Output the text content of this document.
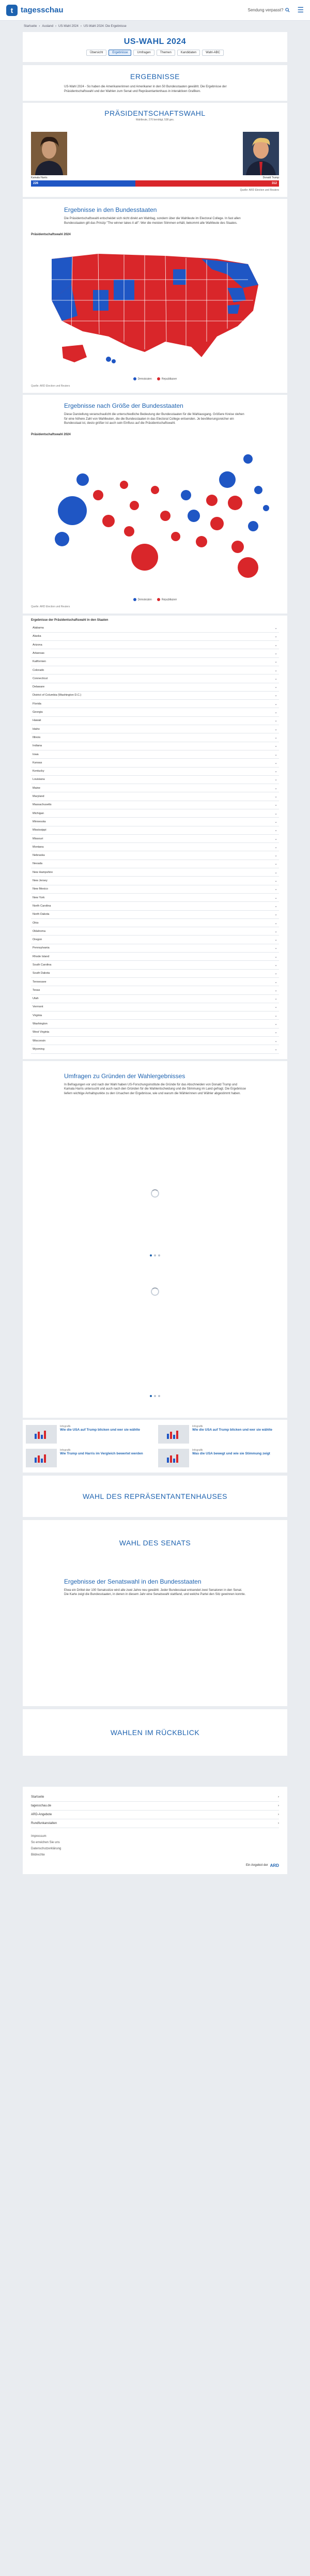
t tagesschau	Sendung verpasst? ☰
Startseite › Ausland › US-Wahl 2024 › US-Wahl 2024: Die Ergebnisse
US-WAHL 2024
Übersicht	Ergebnisse	Umfragen	Themen	Kandidaten	Wahl-ABC
ERGEBNISSE
US-Wahl 2024 - So haben die Amerikanerinnen und Amerikaner in den 50 Bundesstaaten gewählt. Die Ergebnisse der Präsidentschaftswahl und der Wahlen zum Senat und Repräsentantenhaus in interaktiven Grafiken.
PRÄSIDENTSCHAFTSWAHL
Wahlleute, 270 benötigt, 538 ges.
Kamala Harris	Donald Trump
226	312
Quelle: ARD Election und Reuters
Ergebnisse in den Bundesstaaten
Die Präsidentschaftswahl entscheidet sich nicht direkt am Wahltag, sondern über die Wahlleute im Electoral College. In fast allen Bundesstaaten gilt das Prinzip "The winner takes it all": Wer die meisten Stimmen erhält, bekommt alle Wahlleute des Staates.
Präsidentschaftswahl 2024
Demokraten	Republikaner
Quelle: ARD Election und Reuters
Ergebnisse nach Größe der Bundesstaaten
Diese Darstellung veranschaulicht die unterschiedliche Bedeutung der Bundesstaaten für die Wahlausgang. Größere Kreise stehen für eine höhere Zahl von Wahlleuten, die die Bundesstaaten in das Electoral College entsenden. Je bevölkerungsreicher ein Bundesstaat ist, desto größer ist auch sein Einfluss auf die Präsidentschaftswahl.
Präsidentschaftswahl 2024
Demokraten	Republikaner
Quelle: ARD Election und Reuters
Ergebnisse der Präsidentschaftswahl in den Staaten
Alabama	⌄
Alaska	⌄
Arizona	⌄
Arkansas	⌄
Kalifornien	⌄
Colorado	⌄
Connecticut	⌄
Delaware	⌄
District of Columbia (Washington D.C.)	⌄
Florida	⌄
Georgia	⌄
Hawaii	⌄
Idaho	⌄
Illinois	⌄
Indiana	⌄
Iowa	⌄
Kansas	⌄
Kentucky	⌄
Louisiana	⌄
Maine	⌄
Maryland	⌄
Massachusetts	⌄
Michigan	⌄
Minnesota	⌄
Mississippi	⌄
Missouri	⌄
Montana	⌄
Nebraska	⌄
Nevada	⌄
New Hampshire	⌄
New Jersey	⌄
New Mexico	⌄
New York	⌄
North Carolina	⌄
North Dakota	⌄
Ohio	⌄
Oklahoma	⌄
Oregon	⌄
Pennsylvania	⌄
Rhode Island	⌄
South Carolina	⌄
South Dakota	⌄
Tennessee	⌄
Texas	⌄
Utah	⌄
Vermont	⌄
Virginia	⌄
Washington	⌄
West Virginia	⌄
Wisconsin	⌄
Wyoming	⌄
Umfragen zu Gründen der Wahlergebnisses
In Befragungen vor und nach der Wahl haben US-Forschungsinstitute die Gründe für das Abschneiden von Donald Trump und Kamala Harris untersucht und auch nach den Gründen für die Wahlentscheidung und die Stimmung im Land gefragt. Die Ergebnisse liefern wichtige Anhaltspunkte zu den Ursachen der Ergebnisse, wie und warum die Wählerinnen und Wähler abgestimmt haben.
Infografik
Wie die USA auf Trump blicken und wer sie wählte
Infografik
Wie die USA auf Trump blicken und wer sie wählte
Infografik
Wie Trump und Harris im Vergleich bewertet werden
Infografik
Was die USA bewegt und wie sie Stimmung zeigt
WAHL DES REPRÄSENTANTENHAUSES
WAHL DES SENATS
Ergebnisse der Senatswahl in den Bundesstaaten
Etwa ein Drittel der 100 Senatssitze wird alle zwei Jahre neu gewählt. Jeder Bundesstaat entsendet zwei Senatoren in den Senat. Die Karte zeigt die Bundesstaaten, in denen in diesem Jahr eine Senatswahl stattfand, und welche Partei den Sitz gewinnen konnte.
WAHLEN IM RÜCKBLICK
Startseite	›
tagesschau.de	›
ARD-Angebote	›
Rundfunkanstalten	›
Impressum
So erreichen Sie uns
Datenschutzerklärung
Bildrechte
Ein Angebot der ARD
